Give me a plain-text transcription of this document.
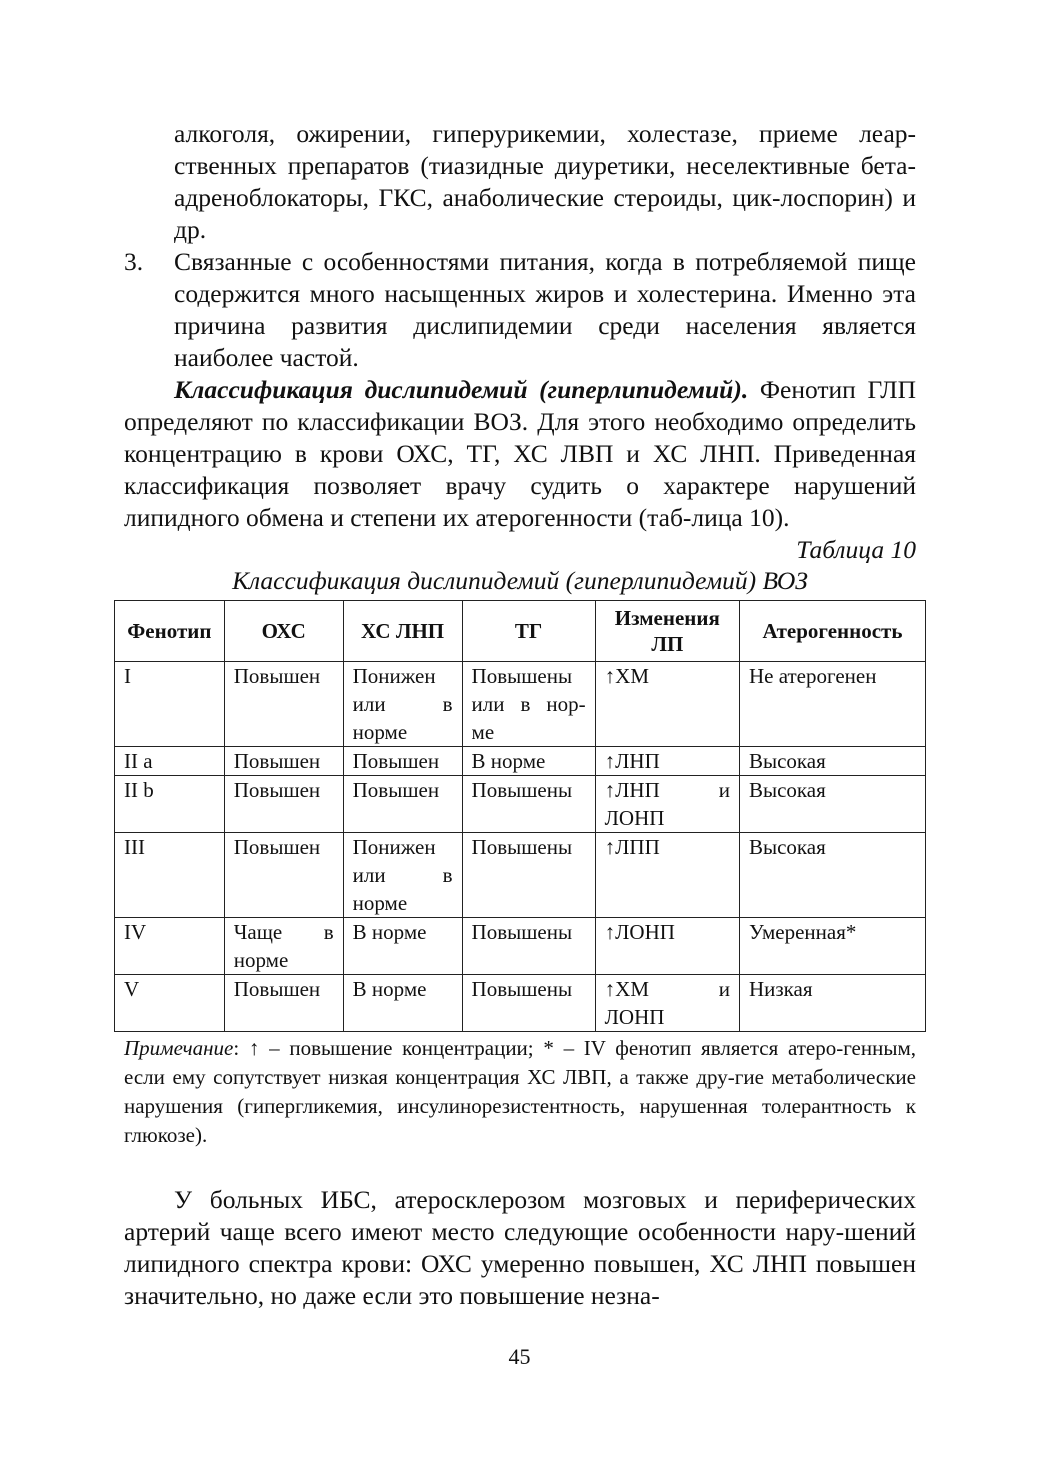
алкоголя, ожирении, гиперурикемии, холестазе, приеме леар-ственных препаратов (тиазидные диуретики, неселективные бета-адреноблокаторы, ГКС, анаболические стероиды, цик-лоспорин) и др.

3.	Связанные с особенностями питания, когда в потребляемой пище содержится много насыщенных жиров и холестерина. Именно эта причина развития дислипидемии среди населения является наиболее частой.

Классификация дислипидемий (гиперлипидемий). Фенотип ГЛП определяют по классификации ВОЗ. Для этого необходимо определить концентрацию в крови ОХС, ТГ, ХС ЛВП и ХС ЛНП. Приведенная классификация позволяет врачу судить о характере нарушений липидного обмена и степени их атерогенности (таб-лица 10).

Таблица 10

Классификация дислипидемий (гиперлипидемий) ВОЗ

Фенотип	ОХС	ХС ЛНП	ТГ	Изменения ЛП	Атерогенность
I	Повышен	Понижен или в норме	Повышены или в нор-ме	↑ХМ	Не атерогенен
II a	Повышен	Повышен	В норме	↑ЛНП	Высокая
II b	Повышен	Повышен	Повышены	↑ЛНП и ЛОНП	Высокая
III	Повышен	Понижен или в норме	Повышены	↑ЛПП	Высокая
IV	Чаще в норме	В норме	Повышены	↑ЛОНП	Умеренная*
V	Повышен	В норме	Повышены	↑ХМ и ЛОНП	Низкая

Примечание: ↑ – повышение концентрации; * – IV фенотип является атеро-генным, если ему сопутствует низкая концентрация ХС ЛВП, а также дру-гие метаболические нарушения (гипергликемия, инсулинорезистентность, нарушенная толерантность к глюкозе).

У больных ИБС, атеросклерозом мозговых и периферических артерий чаще всего имеют место следующие особенности нару-шений липидного спектра крови: ОХС умеренно повышен, ХС ЛНП повышен значительно, но даже если это повышение незна-

45
